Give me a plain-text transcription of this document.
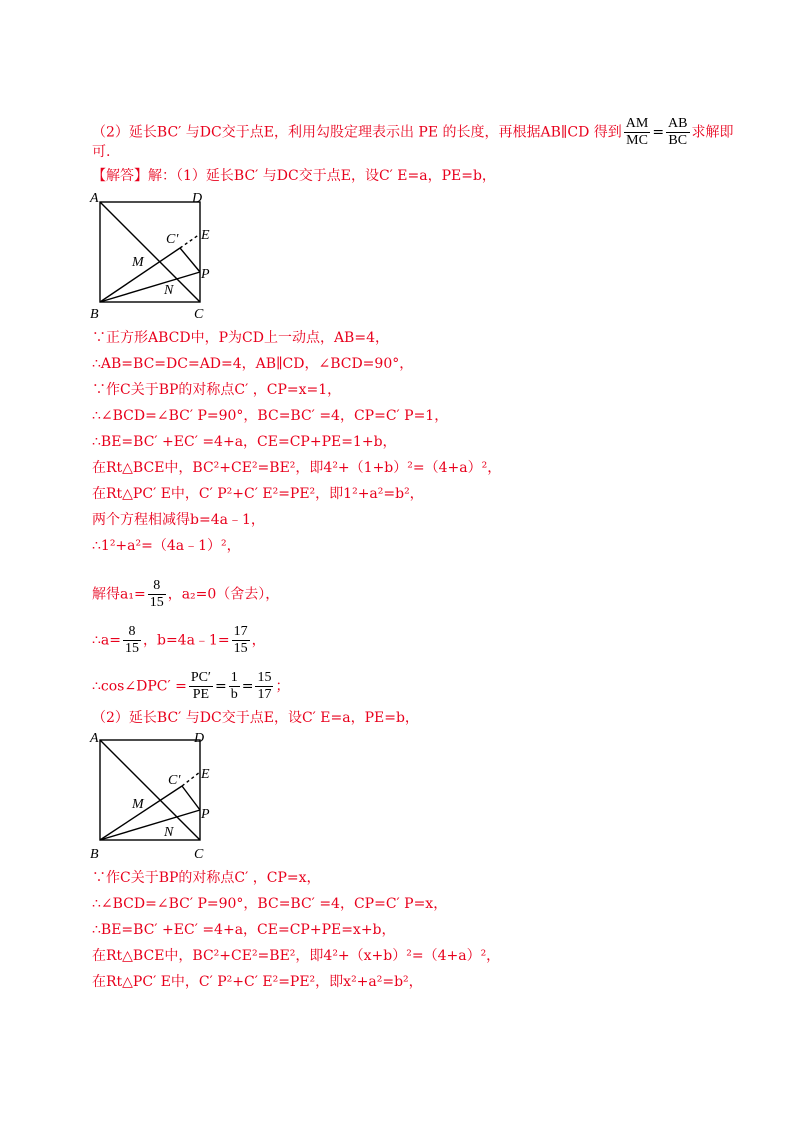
（2）延长BC′ 与DC交于点E，利用勾股定理表示出 PE 的长度，再根据AB∥CD 得到 $\frac{AM}{MC} = \frac{AB}{BC}$ 求解即
可.
【解答】解：（1）延长BC′ 与DC交于点E，设C′ E=a，PE=b，
A	D
B	C
E
P
C′
M
N
∵正方形ABCD中，P为CD上一动点，AB=4，
∴AB=BC=DC=AD=4，AB∥CD，∠BCD=90°，
∵作C关于BP的对称点C′ ，CP=x=1，
∴∠BCD=∠BC′ P=90°，BC=BC′ =4，CP=C′ P=1，
∴BE=BC′ +EC′ =4+a，CE=CP+PE=1+b，
在Rt△BCE中，BC²+CE²=BE²，即4²+（1+b）²=（4+a）²，
在Rt△PC′ E中，C′ P²+C′ E²=PE²，即1²+a²=b²，
两个方程相减得b=4a﹣1，
∴1²+a²=（4a﹣1）²，
解得$a_1= \frac{8}{15}$ ，a₂=0（舍去），
∴a= $\frac{8}{15}$ ，b=4a﹣1= $\frac{17}{15}$ ，
∴cos∠DPC′ = $\frac{PC'}{PE} = \frac{1}{b} = \frac{15}{17}$ ；
（2）延长BC′ 与DC交于点E，设C′ E=a，PE=b，
A	D
B	C
E
P
C′
M
N
∵作C关于BP的对称点C′ ，CP=x，
∴∠BCD=∠BC′ P=90°，BC=BC′ =4，CP=C′ P=x，
∴BE=BC′ +EC′ =4+a，CE=CP+PE=x+b，
在Rt△BCE中，BC²+CE²=BE²，即4²+（x+b）²=（4+a）²，
在Rt△PC′ E中，C′ P²+C′ E²=PE²，即x²+a²=b²，
